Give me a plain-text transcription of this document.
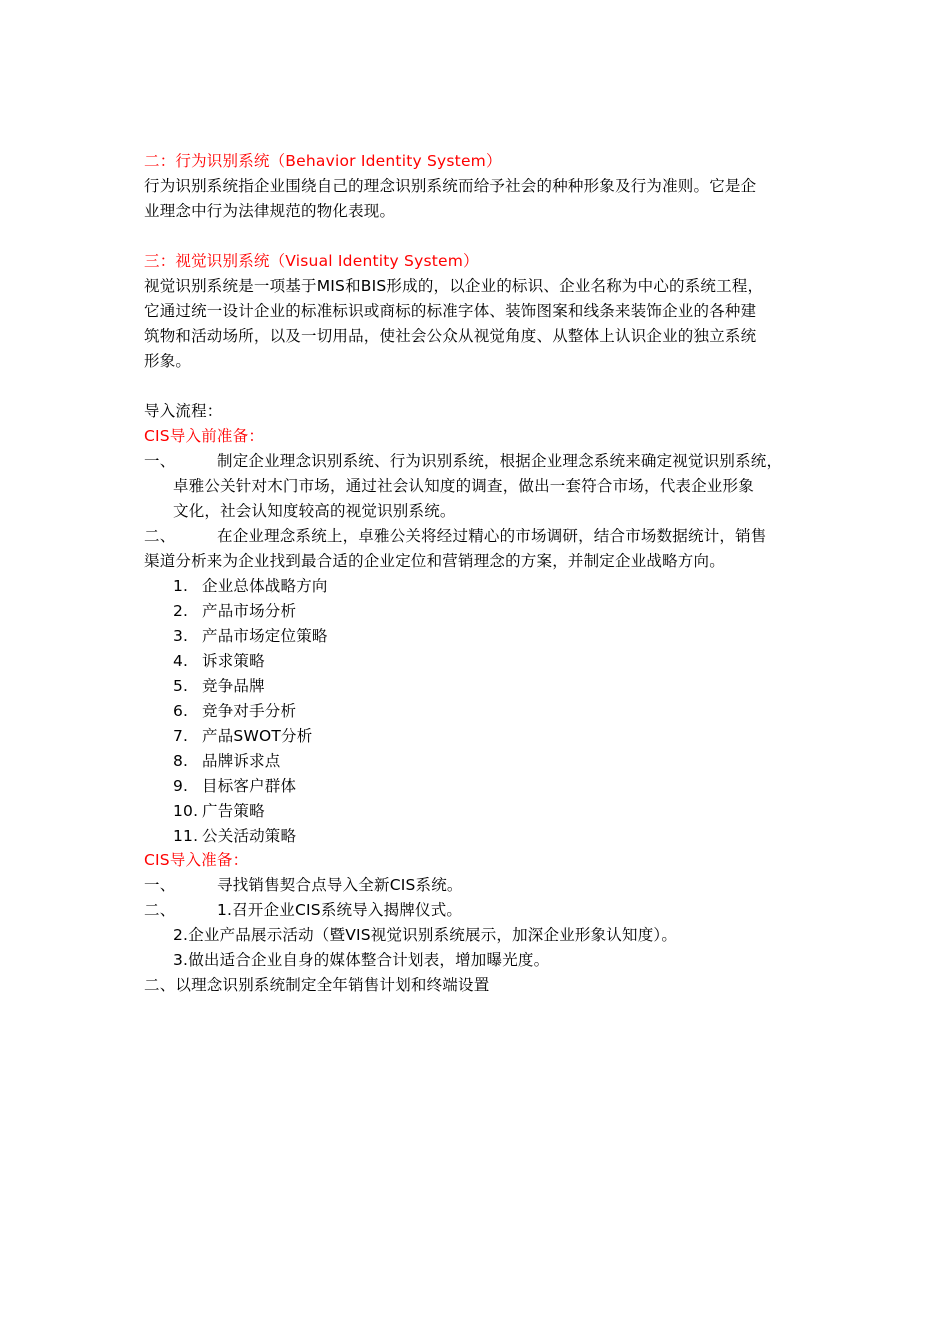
二：行为识别系统（Behavior Identity System）
行为识别系统指企业围绕自己的理念识别系统而给予社会的种种形象及行为准则。它是企
业理念中行为法律规范的物化表现。
三：视觉识别系统（Visual Identity System）
视觉识别系统是一项基于MIS和BIS形成的，以企业的标识、企业名称为中心的系统工程，
它通过统一设计企业的标准标识或商标的标准字体、装饰图案和线条来装饰企业的各种建
筑物和活动场所，以及一切用品，使社会公众从视觉角度、从整体上认识企业的独立系统
形象。
导入流程：
CIS导入前准备：
一、	制定企业理念识别系统、行为识别系统，根据企业理念系统来确定视觉识别系统，
卓雅公关针对木门市场，通过社会认知度的调查，做出一套符合市场，代表企业形象
文化，社会认知度较高的视觉识别系统。
二、	在企业理念系统上，卓雅公关将经过精心的市场调研，结合市场数据统计，销售
渠道分析来为企业找到最合适的企业定位和营销理念的方案，并制定企业战略方向。
1. 企业总体战略方向
2. 产品市场分析
3. 产品市场定位策略
4. 诉求策略
5. 竞争品牌
6. 竞争对手分析
7. 产品SWOT分析
8. 品牌诉求点
9. 目标客户群体
10. 广告策略
11. 公关活动策略
CIS导入准备：
一、	寻找销售契合点导入全新CIS系统。
二、	1.召开企业CIS系统导入揭牌仪式。
2.企业产品展示活动（暨VIS视觉识别系统展示，加深企业形象认知度）。
3.做出适合企业自身的媒体整合计划表，增加曝光度。
二、以理念识别系统制定全年销售计划和终端设置
